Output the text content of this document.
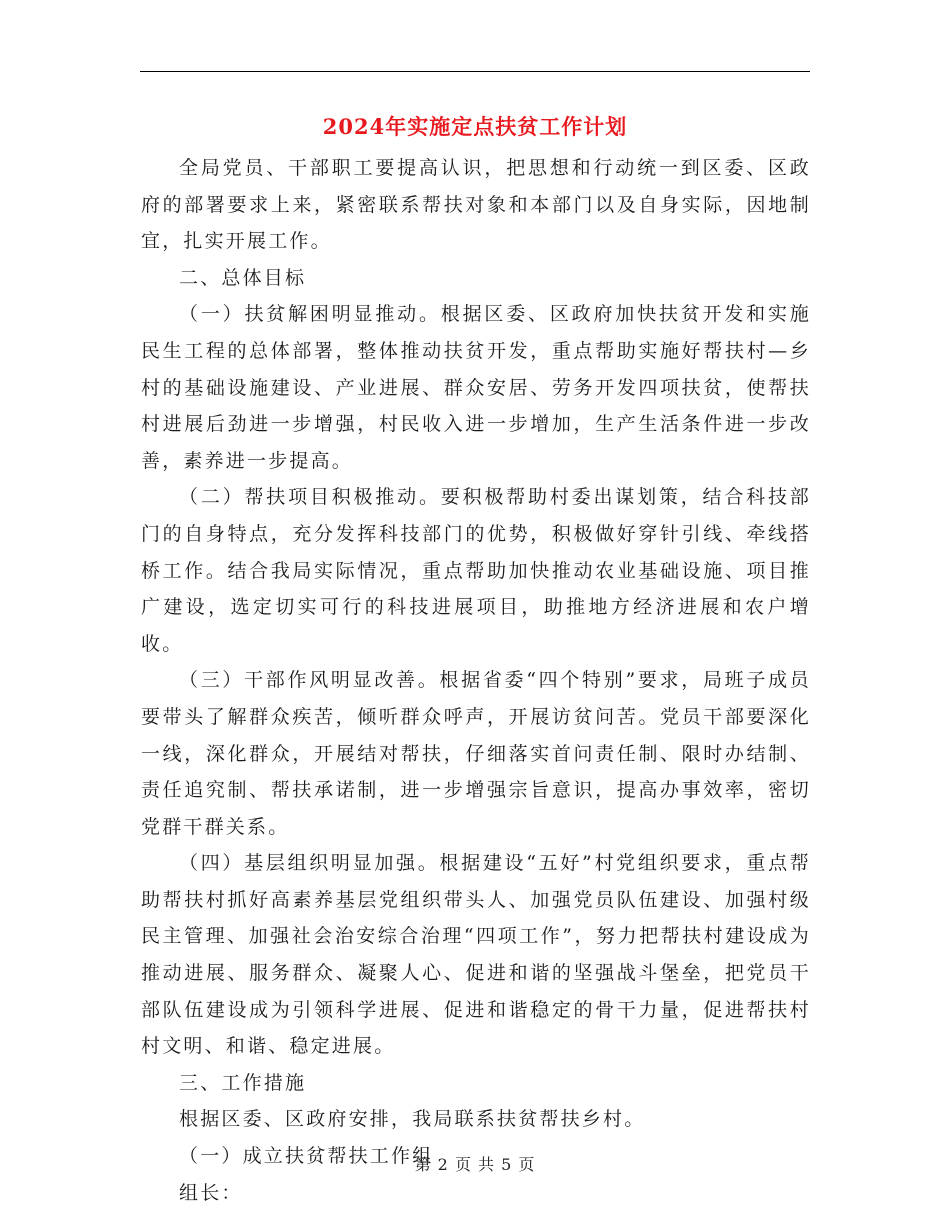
2024年实施定点扶贫工作计划

全局党员、干部职工要提高认识，把思想和行动统一到区委、区政府的部署要求上来，紧密联系帮扶对象和本部门以及自身实际，因地制宜，扎实开展工作。

二、总体目标

（一）扶贫解困明显推动。根据区委、区政府加快扶贫开发和实施民生工程的总体部署，整体推动扶贫开发，重点帮助实施好帮扶村—乡村的基础设施建设、产业进展、群众安居、劳务开发四项扶贫，使帮扶村进展后劲进一步增强，村民收入进一步增加，生产生活条件进一步改善，素养进一步提高。

（二）帮扶项目积极推动。要积极帮助村委出谋划策，结合科技部门的自身特点，充分发挥科技部门的优势，积极做好穿针引线、牵线搭桥工作。结合我局实际情况，重点帮助加快推动农业基础设施、项目推广建设，选定切实可行的科技进展项目，助推地方经济进展和农户增收。

（三）干部作风明显改善。根据省委“四个特别”要求，局班子成员要带头了解群众疾苦，倾听群众呼声，开展访贫问苦。党员干部要深化一线，深化群众，开展结对帮扶，仔细落实首问责任制、限时办结制、责任追究制、帮扶承诺制，进一步增强宗旨意识，提高办事效率，密切党群干群关系。

（四）基层组织明显加强。根据建设“五好”村党组织要求，重点帮助帮扶村抓好高素养基层党组织带头人、加强党员队伍建设、加强村级民主管理、加强社会治安综合治理“四项工作”，努力把帮扶村建设成为推动进展、服务群众、凝聚人心、促进和谐的坚强战斗堡垒，把党员干部队伍建设成为引领科学进展、促进和谐稳定的骨干力量，促进帮扶村村文明、和谐、稳定进展。

三、工作措施

根据区委、区政府安排，我局联系扶贫帮扶乡村。

（一）成立扶贫帮扶工作组

组长：

第 2 页 共 5 页
